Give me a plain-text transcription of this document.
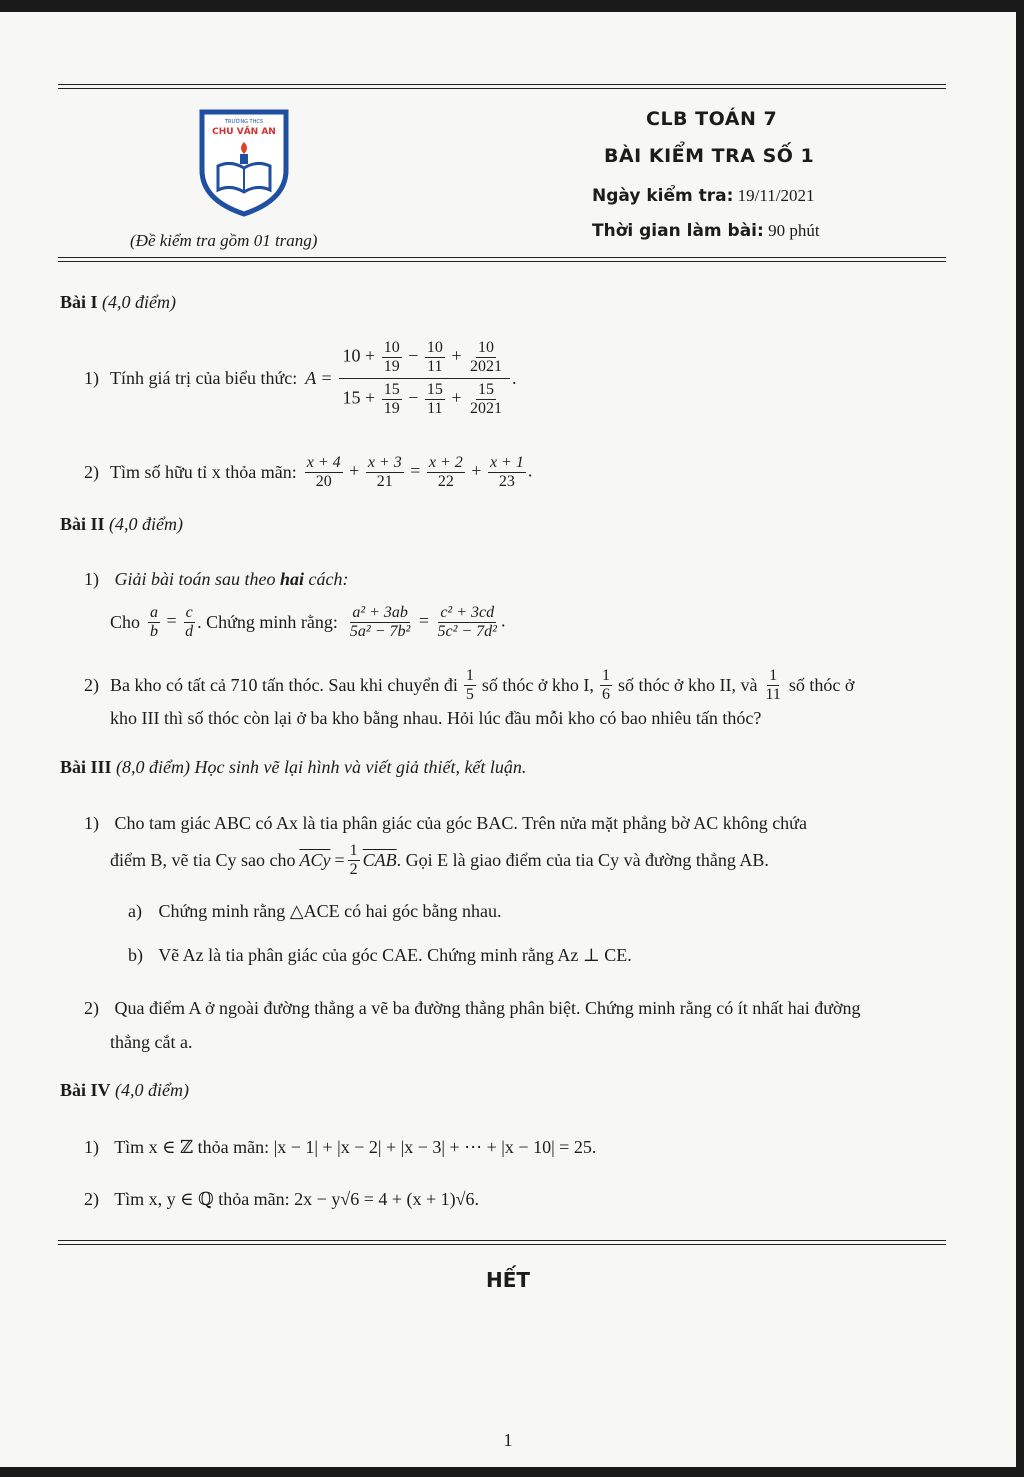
TRƯỜNG THCS
CHU VĂN AN
CLB TOÁN 7
BÀI KIỂM TRA SỐ 1
Ngày kiểm tra: 19/11/2021
Thời gian làm bài: 90 phút
(Đề kiểm tra gồm 01 trang)
Bài I (4,0 điểm)
1) Tính giá trị của biểu thức: $A = \frac{10 + \frac{10}{19} - \frac{10}{11} + \frac{10}{2021}}{15 + \frac{15}{19} - \frac{15}{11} + \frac{15}{2021}}$ .
2) Tìm số hữu tỉ x thỏa mãn: $\frac{x + 4}{20} + \frac{x + 3}{21} = \frac{x + 2}{22} + \frac{x + 1}{23}$ .
Bài II (4,0 điểm)
1) Giải bài toán sau theo hai cách:
Cho $\frac{a}{b} = \frac{c}{d}$ . Chứng minh rằng: $\frac{\text{a² + 3ab}}{\text{5a² − 7b²}} = \frac{\text{c² + 3cd}}{\text{5c² − 7d²}}$ .
2) Ba kho có tất cả 710 tấn thóc. Sau khi chuyển đi $\frac{1}{5}$ số thóc ở kho I, $\frac{1}{6}$ số thóc ở kho II, và $\frac{1}{11}$ số thóc ở
kho III thì số thóc còn lại ở ba kho bằng nhau. Hỏi lúc đầu mỗi kho có bao nhiêu tấn thóc?
Bài III (8,0 điểm) Học sinh vẽ lại hình và viết giả thiết, kết luận.
1) Cho tam giác ABC có Ax là tia phân giác của góc BAC. Trên nửa mặt phẳng bờ AC không chứa
điểm B, vẽ tia Cy sao cho $\overline{ACy} = \frac{1}{2} \overline{CAB}$ . Gọi E là giao điểm của tia Cy và đường thẳng AB.
a) Chứng minh rằng △ACE có hai góc bằng nhau.
b) Vẽ Az là tia phân giác của góc CAE. Chứng minh rằng Az ⊥ CE.
2) Qua điểm A ở ngoài đường thẳng a vẽ ba đường thẳng phân biệt. Chứng minh rằng có ít nhất hai đường
thẳng cắt a.
Bài IV (4,0 điểm)
1) Tìm x ∈ ℤ thỏa mãn: |x − 1| + |x − 2| + |x − 3| + ⋯ + |x − 10| = 25.
2) Tìm x, y ∈ ℚ thỏa mãn: 2x − y√6 = 4 + (x + 1)√6.
HẾT
1
